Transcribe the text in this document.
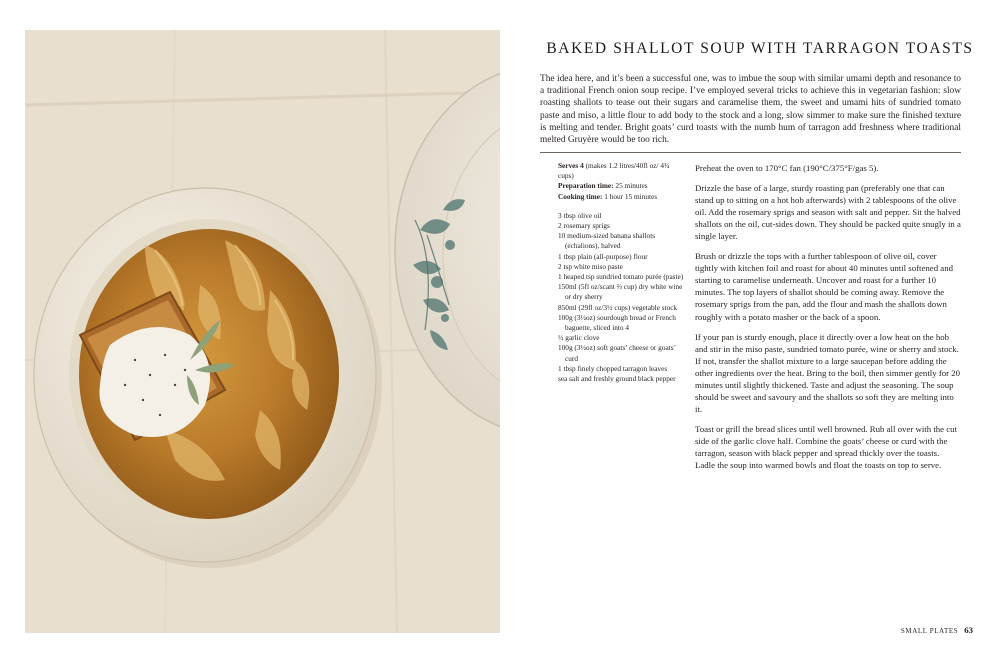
BAKED SHALLOT SOUP WITH TARRAGON TOASTS

The idea here, and it’s been a successful one, was to imbue the soup with similar umami depth and resonance to a traditional French onion soup recipe. I’ve employed several tricks to achieve this in vegetarian fashion: slow roasting shallots to tease out their sugars and caramelise them, the sweet and umami hits of sundried tomato paste and miso, a little flour to add body to the stock and a long, slow simmer to make sure the finished texture is melting and tender. Bright goats’ curd toasts with the numb hum of tarragon add freshness where traditional melted Gruyère would be too rich.

Serves 4 (makes 1.2 litres/40fl oz/ 4¾ cups)

Preparation time: 25 minutes

Cooking time: 1 hour 15 minutes

3 tbsp olive oil
2 rosemary sprigs
10 medium-sized banana shallots (echalions), halved
1 tbsp plain (all-purpose) flour
2 tsp white miso paste
1 heaped tsp sundried tomato purée (paste)
150ml (5fl oz/scant ⅔ cup) dry white wine or dry sherry
850ml (29fl oz/3½ cups) vegetable stock
100g (3½oz) sourdough bread or French baguette, sliced into 4
½ garlic clove
100g (3½oz) soft goats’ cheese or goats’ curd
1 tbsp finely chopped tarragon leaves
sea salt and freshly ground black pepper

Preheat the oven to 170°C fan (190°C/375°F/gas 5).

Drizzle the base of a large, sturdy roasting pan (preferably one that can stand up to sitting on a hot hob afterwards) with 2 tablespoons of the olive oil. Add the rosemary sprigs and season with salt and pepper. Sit the halved shallots on the oil, cut-sides down. They should be packed quite snugly in a single layer.

Brush or drizzle the tops with a further tablespoon of olive oil, cover tightly with kitchen foil and roast for about 40 minutes until softened and starting to caramelise underneath. Uncover and roast for a further 10 minutes. The top layers of shallot should be coming away. Remove the rosemary sprigs from the pan, add the flour and mash the shallots down roughly with a potato masher or the back of a spoon.

If your pan is sturdy enough, place it directly over a low heat on the hob and stir in the miso paste, sundried tomato purée, wine or sherry and stock. If not, transfer the shallot mixture to a large saucepan before adding the other ingredients over the heat. Bring to the boil, then simmer gently for 20 minutes until slightly thickened. Taste and adjust the seasoning. The soup should be sweet and savoury and the shallots so soft they are melting into it.

Toast or grill the bread slices until well browned. Rub all over with the cut side of the garlic clove half. Combine the goats’ cheese or curd with the tarragon, season with black pepper and spread thickly over the toasts. Ladle the soup into warmed bowls and float the toasts on top to serve.

SMALL PLATES 63
